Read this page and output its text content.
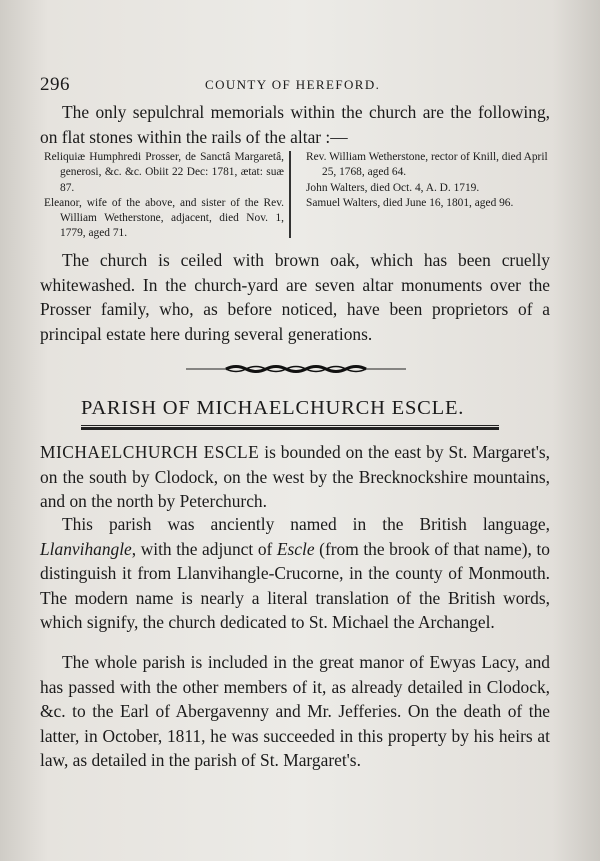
296	COUNTY OF HEREFORD.

The only sepulchral memorials within the church are the following, on flat stones within the rails of the altar :—

Reliquiæ Humphredi Prosser, de Sanctâ Margaretâ, generosi, &c. &c. Obiit 22 Dec: 1781, ætat: suæ 87.

Eleanor, wife of the above, and sister of the Rev. William Wetherstone, adjacent, died Nov. 1, 1779, aged 71.

Rev. William Wetherstone, rector of Knill, died April 25, 1768, aged 64.

John Walters, died Oct. 4, A. D. 1719.

Samuel Walters, died June 16, 1801, aged 96.

The church is ceiled with brown oak, which has been cruelly whitewashed. In the church-yard are seven altar monuments over the Prosser family, who, as before noticed, have been proprietors of a principal estate here during several generations.

PARISH OF MICHAELCHURCH ESCLE.

MICHAELCHURCH ESCLE is bounded on the east by St. Margaret's, on the south by Clodock, on the west by the Brecknockshire mountains, and on the north by Peterchurch.

This parish was anciently named in the British language, Llanvihangle, with the adjunct of Escle (from the brook of that name), to distinguish it from Llanvihangle-Crucorne, in the county of Monmouth. The modern name is nearly a literal translation of the British words, which signify, the church dedicated to St. Michael the Archangel.

The whole parish is included in the great manor of Ewyas Lacy, and has passed with the other members of it, as already detailed in Clodock, &c. to the Earl of Abergavenny and Mr. Jefferies. On the death of the latter, in October, 1811, he was succeeded in this property by his heirs at law, as detailed in the parish of St. Margaret's.
